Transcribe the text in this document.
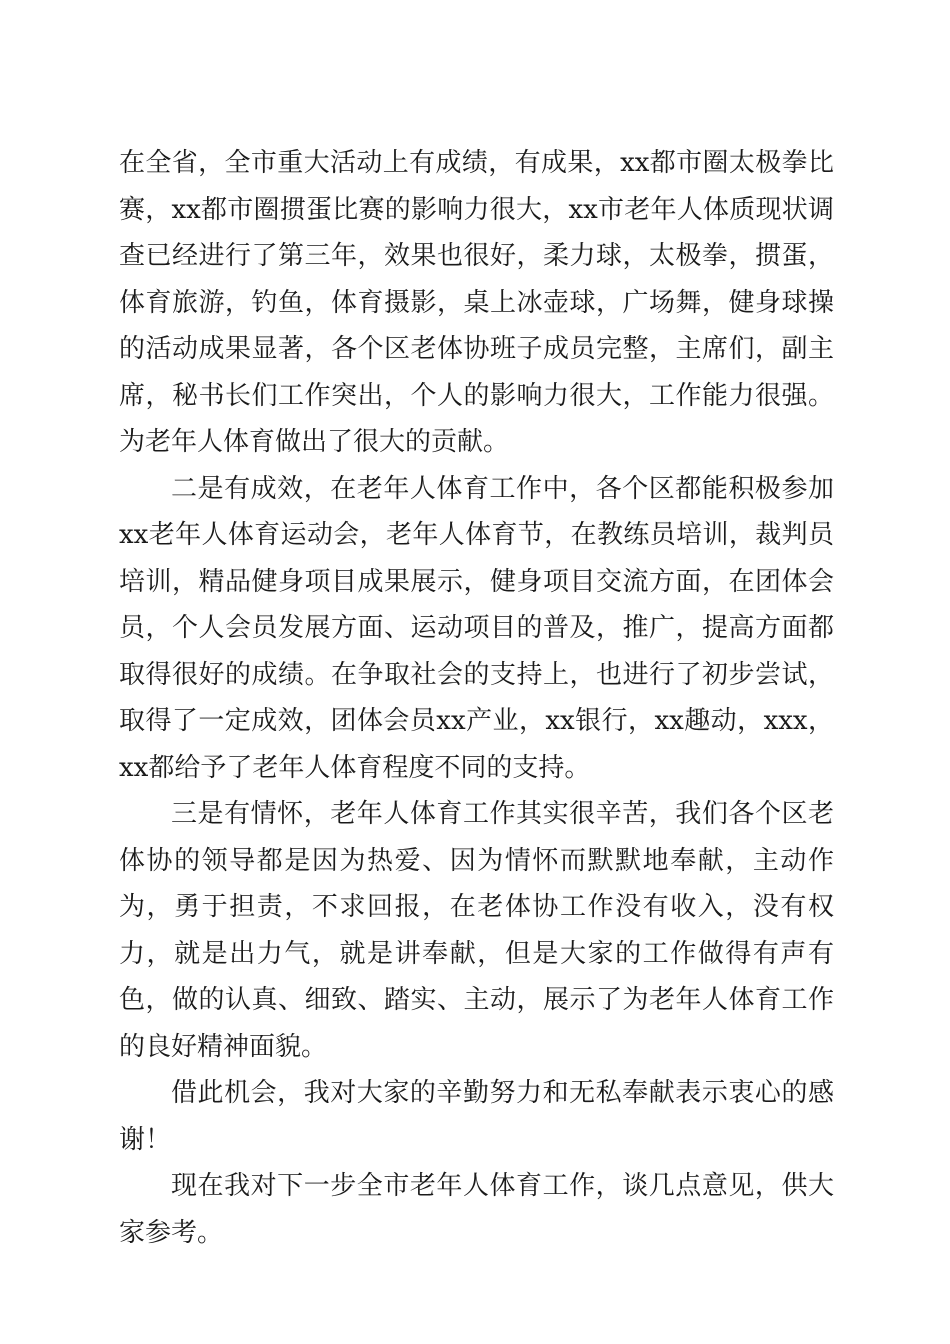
在全省，全市重大活动上有成绩，有成果，xx都市圈太极拳比赛，xx都市圈掼蛋比赛的影响力很大，xx市老年人体质现状调查已经进行了第三年，效果也很好，柔力球，太极拳，掼蛋，体育旅游，钓鱼，体育摄影，桌上冰壶球，广场舞，健身球操的活动成果显著，各个区老体协班子成员完整，主席们，副主席，秘书长们工作突出，个人的影响力很大，工作能力很强。为老年人体育做出了很大的贡献。

二是有成效，在老年人体育工作中，各个区都能积极参加xx老年人体育运动会，老年人体育节，在教练员培训，裁判员培训，精品健身项目成果展示，健身项目交流方面，在团体会员，个人会员发展方面、运动项目的普及，推广，提高方面都取得很好的成绩。在争取社会的支持上，也进行了初步尝试，取得了一定成效，团体会员xx产业，xx银行，xx趣动，xxx，xx都给予了老年人体育程度不同的支持。

三是有情怀，老年人体育工作其实很辛苦，我们各个区老体协的领导都是因为热爱、因为情怀而默默地奉献，主动作为，勇于担责，不求回报，在老体协工作没有收入，没有权力，就是出力气，就是讲奉献，但是大家的工作做得有声有色，做的认真、细致、踏实、主动，展示了为老年人体育工作的良好精神面貌。

借此机会，我对大家的辛勤努力和无私奉献表示衷心的感谢！

现在我对下一步全市老年人体育工作，谈几点意见，供大家参考。
